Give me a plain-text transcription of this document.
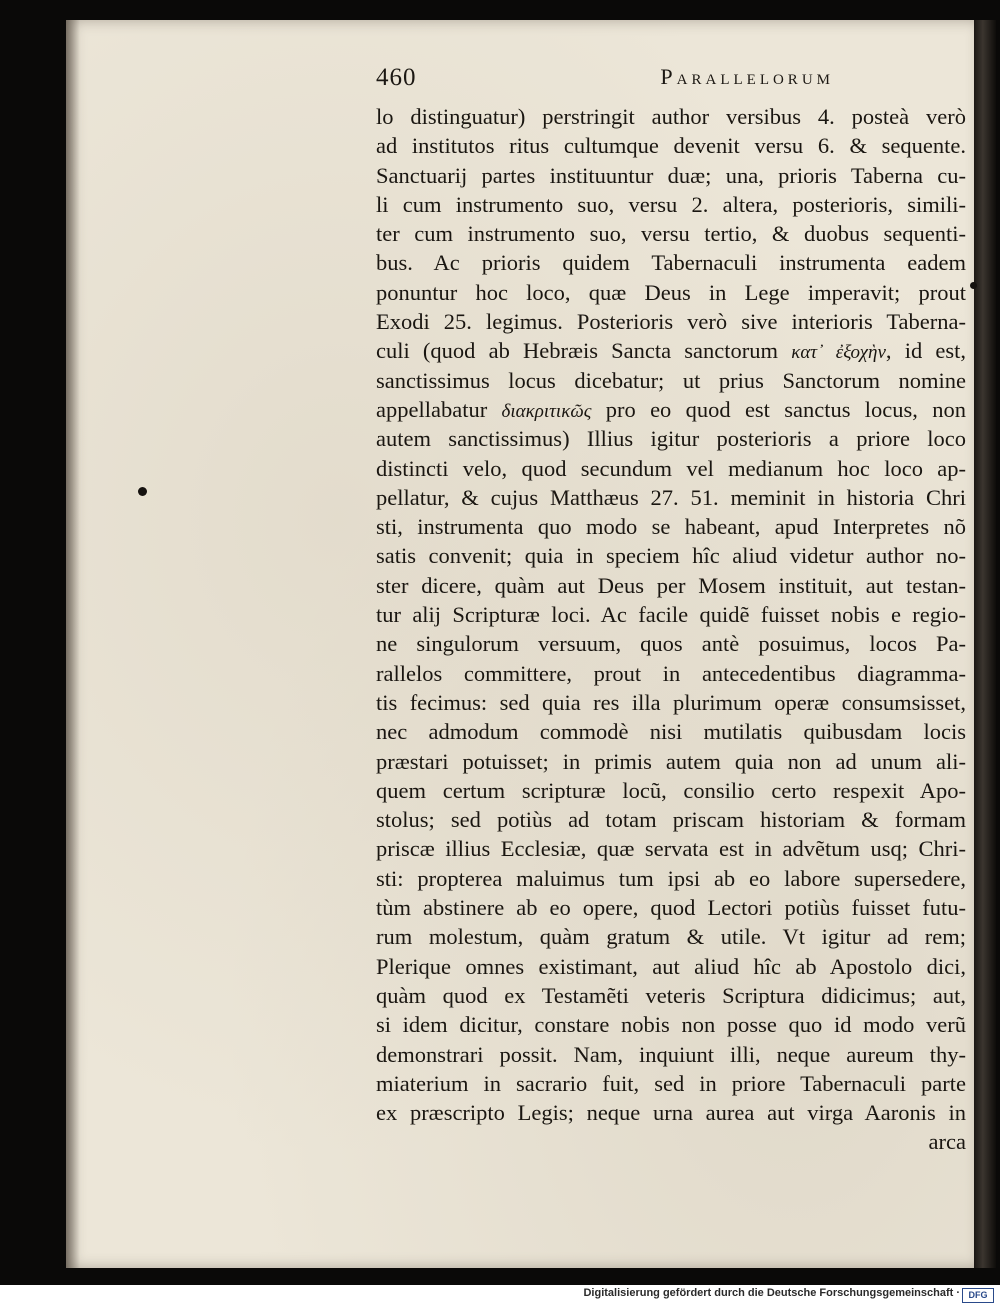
460	Parallelorum
lo distinguatur) perstringit author versibus 4. posteà verò
ad institutos ritus cultumque devenit versu 6. & sequente.
Sanctuarij partes instituuntur duæ; una, prioris Taberna cu-
li cum instrumento suo, versu 2. altera, posterioris, simili-
ter cum instrumento suo, versu tertio, & duobus sequenti-
bus. Ac prioris quidem Tabernaculi instrumenta eadem
ponuntur hoc loco, quæ Deus in Lege imperavit; prout
Exodi 25. legimus. Posterioris verò sive interioris Taberna-
culi (quod ab Hebræis Sancta sanctorum κατ᾽ ἐξοχὴν, id est,
sanctissimus locus dicebatur; ut prius Sanctorum nomine
appellabatur διακριτικῶς pro eo quod est sanctus locus, non
autem sanctissimus) Illius igitur posterioris a priore loco
distincti velo, quod secundum vel medianum hoc loco ap-
pellatur, & cujus Matthæus 27. 51. meminit in historia Chri
sti, instrumenta quo modo se habeant, apud Interpretes nõ
satis convenit; quia in speciem hîc aliud videtur author no-
ster dicere, quàm aut Deus per Mosem instituit, aut testan-
tur alij Scripturæ loci. Ac facile quidẽ fuisset nobis e regio-
ne singulorum versuum, quos antè posuimus, locos Pa-
rallelos committere, prout in antecedentibus diagramma-
tis fecimus: sed quia res illa plurimum operæ consumsisset,
nec admodum commodè nisi mutilatis quibusdam locis
præstari potuisset; in primis autem quia non ad unum ali-
quem certum scripturæ locũ, consilio certo respexit Apo-
stolus; sed potiùs ad totam priscam historiam & formam
priscæ illius Ecclesiæ, quæ servata est in advẽtum usq; Chri-
sti: propterea maluimus tum ipsi ab eo labore supersedere,
tùm abstinere ab eo opere, quod Lectori potiùs fuisset futu-
rum molestum, quàm gratum & utile. Vt igitur ad rem;
Plerique omnes existimant, aut aliud hîc ab Apostolo dici,
quàm quod ex Testamẽti veteris Scriptura didicimus; aut,
si idem dicitur, constare nobis non posse quo id modo verũ
demonstrari possit. Nam, inquiunt illi, neque aureum thy-
miaterium in sacrario fuit, sed in priore Tabernaculi parte
ex præscripto Legis; neque urna aurea aut virga Aaronis in
arca
Digitalisierung gefördert durch die Deutsche Forschungsgemeinschaft · DFG
